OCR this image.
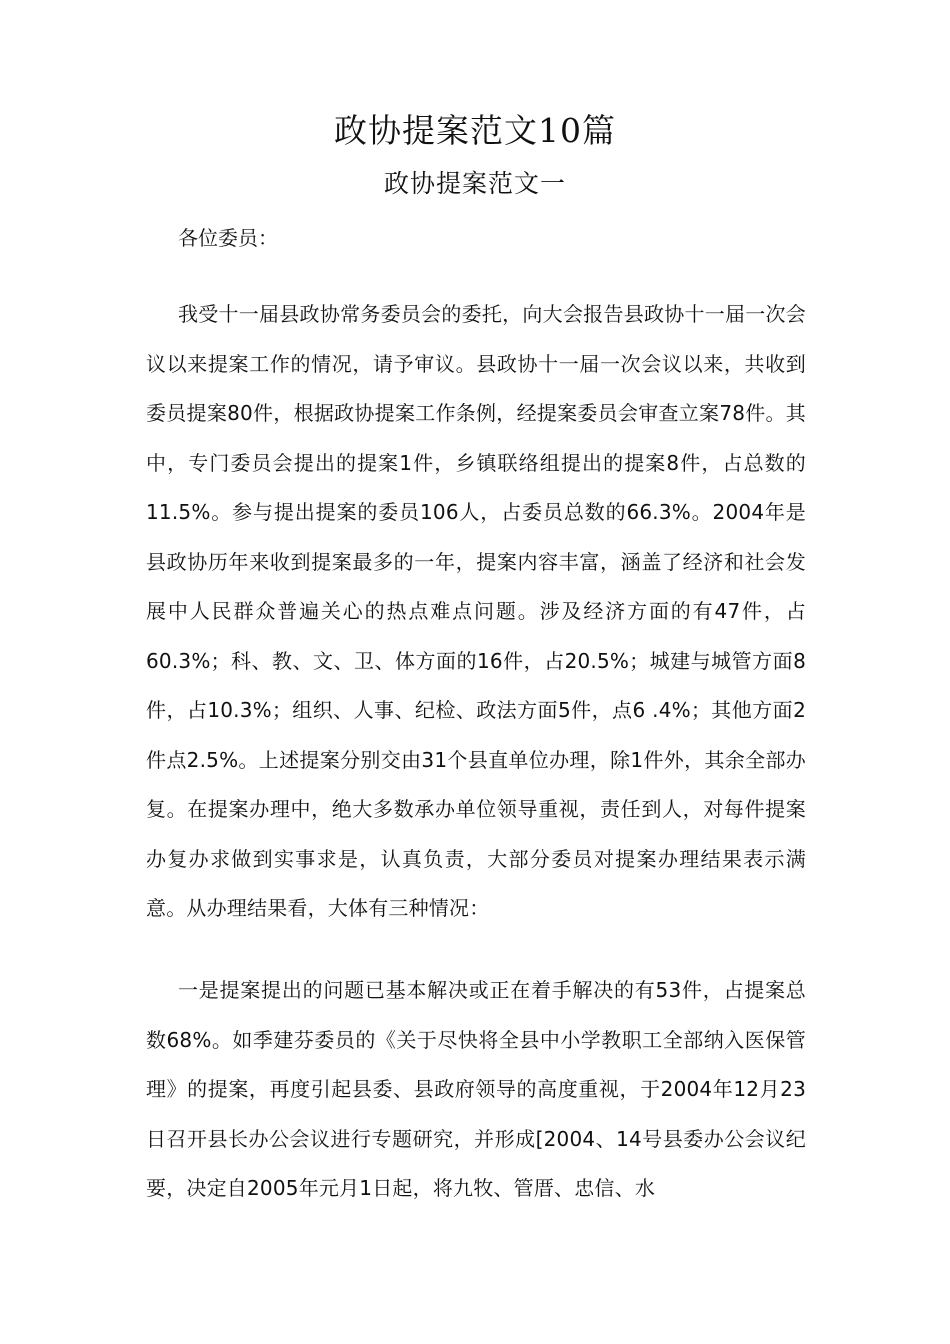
政协提案范文10篇
政协提案范文一
各位委员：
我受十一届县政协常务委员会的委托，向大会报告县政协十一届一次会议以来提案工作的情况，请予审议。县政协十一届一次会议以来，共收到委员提案80件，根据政协提案工作条例，经提案委员会审查立案78件。其中，专门委员会提出的提案1件，乡镇联络组提出的提案8件，占总数的11.5%。参与提出提案的委员106人，占委员总数的66.3%。2004年是县政协历年来收到提案最多的一年，提案内容丰富，涵盖了经济和社会发展中人民群众普遍关心的热点难点问题。涉及经济方面的有47件，占60.3%；科、教、文、卫、体方面的16件，占20.5%；城建与城管方面8件，占10.3%；组织、人事、纪检、政法方面5件，点6 .4%；其他方面2件点2.5%。上述提案分别交由31个县直单位办理，除1件外，其余全部办复。在提案办理中，绝大多数承办单位领导重视，责任到人，对每件提案办复办求做到实事求是，认真负责，大部分委员对提案办理结果表示满意。从办理结果看，大体有三种情况：
一是提案提出的问题已基本解决或正在着手解决的有53件，占提案总数68%。如季建芬委员的《关于尽快将全县中小学教职工全部纳入医保管理》的提案，再度引起县委、县政府领导的高度重视，于2004年12月23日召开县长办公会议进行专题研究，并形成[2004、14号县委办公会议纪要，决定自2005年元月1日起，将九牧、管厝、忠信、水
